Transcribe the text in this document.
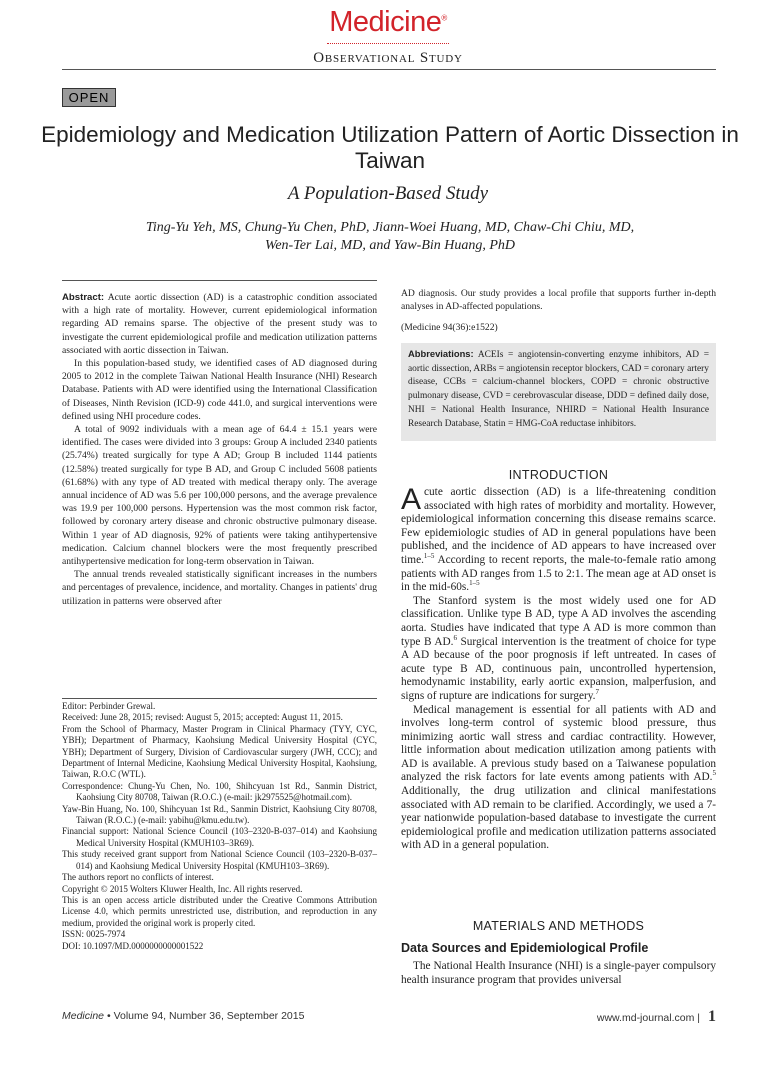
Medicine®
Observational Study
OPEN
Epidemiology and Medication Utilization Pattern of Aortic Dissection in Taiwan
A Population-Based Study
Ting-Yu Yeh, MS, Chung-Yu Chen, PhD, Jiann-Woei Huang, MD, Chaw-Chi Chiu, MD,
Wen-Ter Lai, MD, and Yaw-Bin Huang, PhD

Abstract: Acute aortic dissection (AD) is a catastrophic condition associated with a high rate of mortality. However, current epidemiological information regarding AD remains sparse. The objective of the present study was to investigate the current epidemiological profile and medication utilization patterns associated with aortic dissection in Taiwan.

In this population-based study, we identified cases of AD diagnosed during 2005 to 2012 in the complete Taiwan National Health Insurance (NHI) Research Database. Patients with AD were identified using the International Classification of Diseases, Ninth Revision (ICD-9) code 441.0, and surgical interventions were defined using NHI procedure codes.

A total of 9092 individuals with a mean age of 64.4 ± 15.1 years were identified. The cases were divided into 3 groups: Group A included 2340 patients (25.74%) treated surgically for type A AD; Group B included 1144 patients (12.58%) treated surgically for type B AD, and Group C included 5608 patients (61.68%) with any type of AD treated with medical therapy only. The average annual incidence of AD was 5.6 per 100,000 persons, and the average prevalence was 19.9 per 100,000 persons. Hypertension was the most common risk factor, followed by coronary artery disease and chronic obstructive pulmonary disease. Within 1 year of AD diagnosis, 92% of patients were taking antihypertensive medication. Calcium channel blockers were the most frequently prescribed antihypertensive medication for long-term observation in Taiwan.

The annual trends revealed statistically significant increases in the numbers and percentages of prevalence, incidence, and mortality. Changes in patients' drug utilization in patterns were observed after

Editor: Perbinder Grewal.

Received: June 28, 2015; revised: August 5, 2015; accepted: August 11, 2015.

From the School of Pharmacy, Master Program in Clinical Pharmacy (TYY, CYC, YBH); Department of Pharmacy, Kaohsiung Medical University Hospital (CYC, YBH); Department of Surgery, Division of Cardiovascular surgery (JWH, CCC); and Department of Internal Medicine, Kaohsiung Medical University Hospital, Kaohsiung, Taiwan, R.O.C (WTL).

Correspondence: Chung-Yu Chen, No. 100, Shihcyuan 1st Rd., Sanmin District, Kaohsiung City 80708, Taiwan (R.O.C.) (e-mail: jk2975525@hotmail.com).

Yaw-Bin Huang, No. 100, Shihcyuan 1st Rd., Sanmin District, Kaohsiung City 80708, Taiwan (R.O.C.) (e-mail: yabihu@kmu.edu.tw).

Financial support: National Science Council (103–2320-B-037–014) and Kaohsiung Medical University Hospital (KMUH103–3R69).

This study received grant support from National Science Council (103–2320-B-037–014) and Kaohsiung Medical University Hospital (KMUH103–3R69).

The authors report no conflicts of interest.

Copyright © 2015 Wolters Kluwer Health, Inc. All rights reserved.

This is an open access article distributed under the Creative Commons Attribution License 4.0, which permits unrestricted use, distribution, and reproduction in any medium, provided the original work is properly cited.

ISSN: 0025-7974

DOI: 10.1097/MD.0000000000001522

AD diagnosis. Our study provides a local profile that supports further in-depth analyses in AD-affected populations.

(Medicine 94(36):e1522)
Abbreviations: ACEIs = angiotensin-converting enzyme inhibitors, AD = aortic dissection, ARBs = angiotensin receptor blockers, CAD = coronary artery disease, CCBs = calcium-channel blockers, COPD = chronic obstructive pulmonary disease, CVD = cerebrovascular disease, DDD = defined daily dose, NHI = National Health Insurance, NHIRD = National Health Insurance Research Database, Statin = HMG-CoA reductase inhibitors.
INTRODUCTION

Acute aortic dissection (AD) is a life-threatening condition associated with high rates of morbidity and mortality. However, epidemiological information concerning this disease remains scarce. Few epidemiologic studies of AD in general populations have been published, and the incidence of AD appears to have increased over time.$^{1-5}$ According to recent reports, the male-to-female ratio among patients with AD ranges from 1.5 to 2:1. The mean age at AD onset is in the mid-60s.$^{1-5}$

The Stanford system is the most widely used one for AD classification. Unlike type B AD, type A AD involves the ascending aorta. Studies have indicated that type A AD is more common than type B AD.$^6$ Surgical intervention is the treatment of choice for type A AD because of the poor prognosis if left untreated. In cases of acute type B AD, continuous pain, uncontrolled hypertension, hemodynamic instability, early aortic expansion, malperfusion, and signs of rupture are indications for surgery.$^7$

Medical management is essential for all patients with AD and involves long-term control of systemic blood pressure, thus minimizing aortic wall stress and cardiac contractility. However, little information about medication utilization among patients with AD is available. A previous study based on a Taiwanese population analyzed the risk factors for late events among patients with AD.$^5$ Additionally, the drug utilization and clinical manifestations associated with AD remain to be clarified. Accordingly, we used a 7-year nationwide population-based database to investigate the current epidemiological profile and medication utilization patterns associated with AD in a general population.

MATERIALS AND METHODS
Data Sources and Epidemiological Profile

The National Health Insurance (NHI) is a single-payer compulsory health insurance program that provides universal

Medicine • Volume 94, Number 36, September 2015	www.md-journal.com | 1
